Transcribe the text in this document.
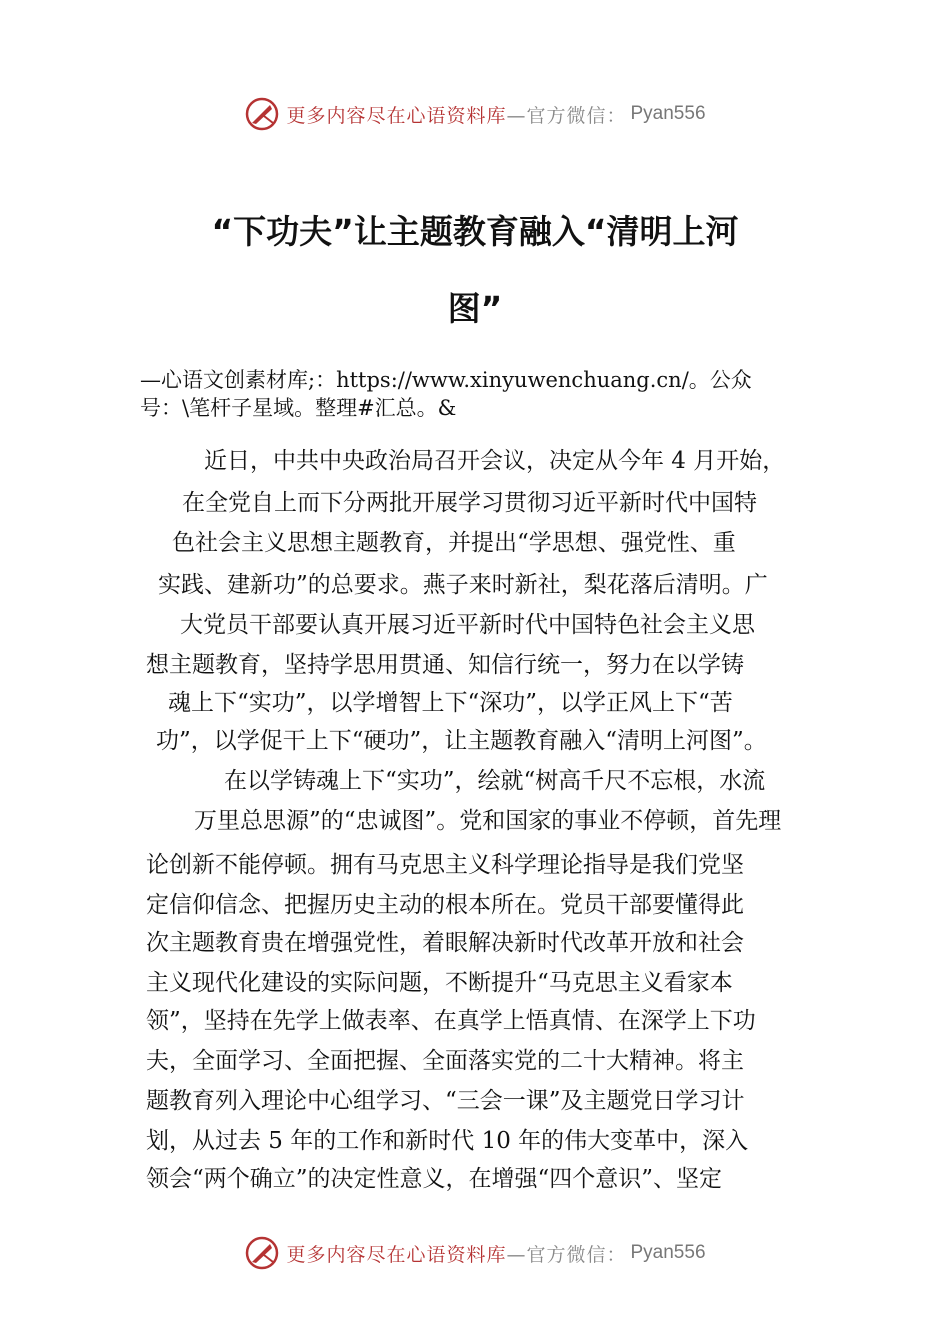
更多内容尽在心语资料库 —官方微信： Pyan556
“下功夫”让主题教育融入“清明上河
图”
—心语文创素材库;：https://www.xinyuwenchuang.cn/。公众
号：\笔杆子星域。整理#汇总。&
近日，中共中央政治局召开会议，决定从今年 4 月开始，
在全党自上而下分两批开展学习贯彻习近平新时代中国特
色社会主义思想主题教育，并提出“学思想、强党性、重
实践、建新功”的总要求。燕子来时新社，梨花落后清明。广
大党员干部要认真开展习近平新时代中国特色社会主义思
想主题教育，坚持学思用贯通、知信行统一，努力在以学铸
魂上下“实功”，以学增智上下“深功”，以学正风上下“苦
功”，以学促干上下“硬功”，让主题教育融入“清明上河图”。
在以学铸魂上下“实功”，绘就“树高千尺不忘根，水流
万里总思源”的“忠诚图”。党和国家的事业不停顿，首先理
论创新不能停顿。拥有马克思主义科学理论指导是我们党坚
定信仰信念、把握历史主动的根本所在。党员干部要懂得此
次主题教育贵在增强党性，着眼解决新时代改革开放和社会
主义现代化建设的实际问题，不断提升“马克思主义看家本
领”，坚持在先学上做表率、在真学上悟真情、在深学上下功
夫，全面学习、全面把握、全面落实党的二十大精神。将主
题教育列入理论中心组学习、“三会一课”及主题党日学习计
划，从过去 5 年的工作和新时代 10 年的伟大变革中，深入
领会“两个确立”的决定性意义，在增强“四个意识”、坚定
更多内容尽在心语资料库 —官方微信： Pyan556
